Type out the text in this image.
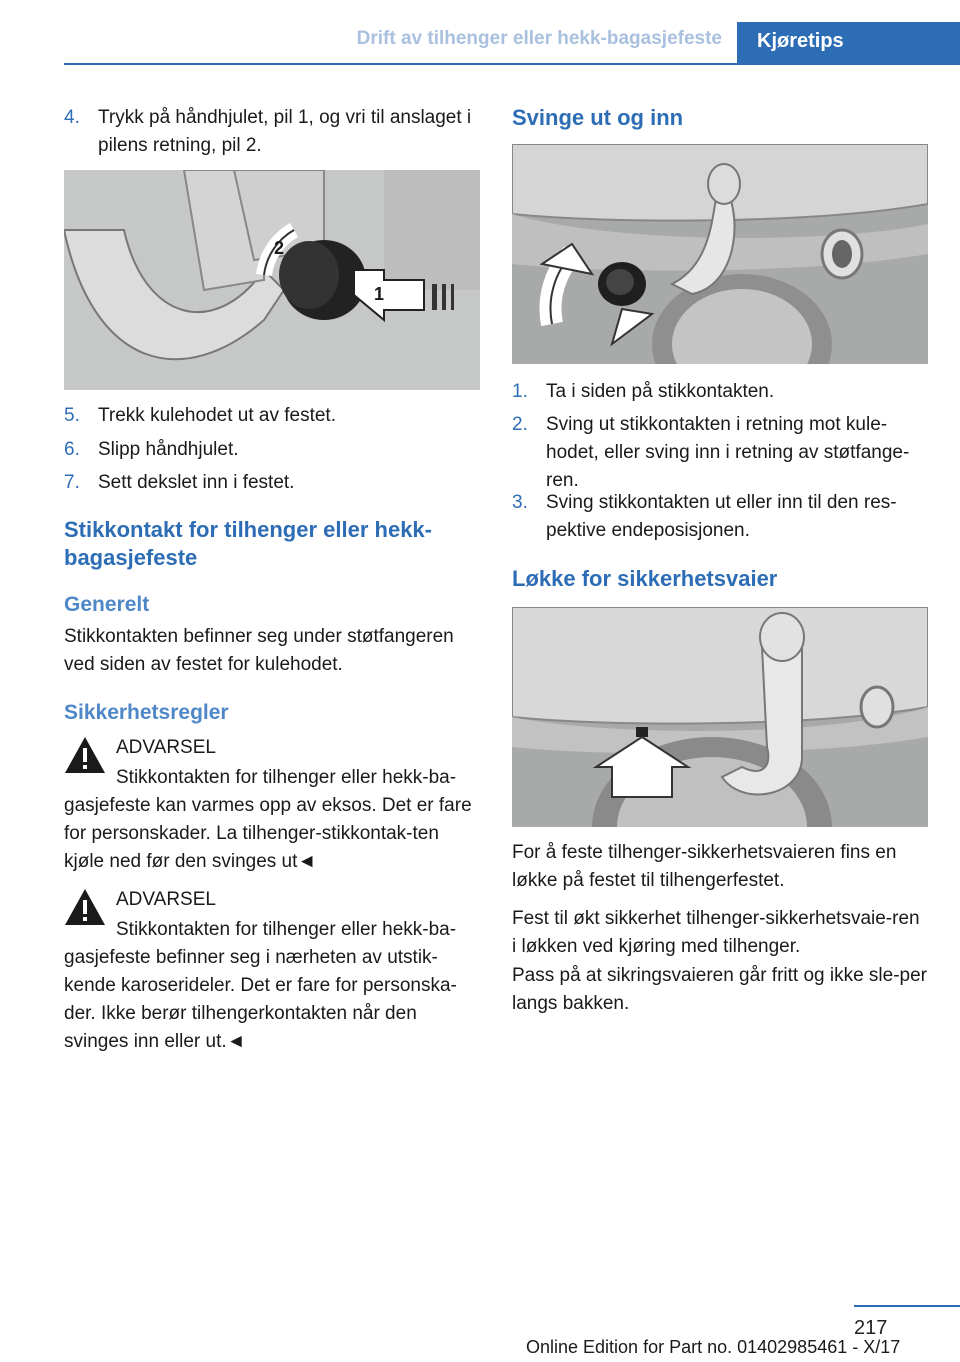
Drift av tilhenger eller hekk-bagasjefeste Kjøretips
4. Trykk på håndhjulet, pil 1, og vri til anslaget i pilens retning, pil 2.
1
2
5. Trekk kulehodet ut av festet.
6. Slipp håndhjulet.
7. Sett dekslet inn i festet.
Stikkontakt for tilhenger eller hekk-bagasjefeste
Generelt
Stikkontakten befinner seg under støtfangeren ved siden av festet for kulehodet.
Sikkerhetsregler
ADVARSEL
Stikkontakten for tilhenger eller hekk-ba-gasjefeste kan varmes opp av eksos. Det er fare for personskader. La tilhenger-stikkontak-ten kjøle ned før den svinges ut◄
ADVARSEL
Stikkontakten for tilhenger eller hekk-ba-gasjefeste befinner seg i nærheten av utstik-kende karoserideler. Det er fare for personska-der. Ikke berør tilhengerkontakten når den svinges inn eller ut.◄
Svinge ut og inn
1. Ta i siden på stikkontakten.
2. Sving ut stikkontakten i retning mot kule-hodet, eller sving inn i retning av støtfange-ren.
3. Sving stikkontakten ut eller inn til den res-pektive endeposisjonen.
Løkke for sikkerhetsvaier
For å feste tilhenger-sikkerhetsvaieren fins en løkke på festet til tilhengerfestet.
Fest til økt sikkerhet tilhenger-sikkerhetsvaie-ren i løkken ved kjøring med tilhenger.
Pass på at sikringsvaieren går fritt og ikke sle-per langs bakken.
217
Online Edition for Part no. 01402985461 - X/17
